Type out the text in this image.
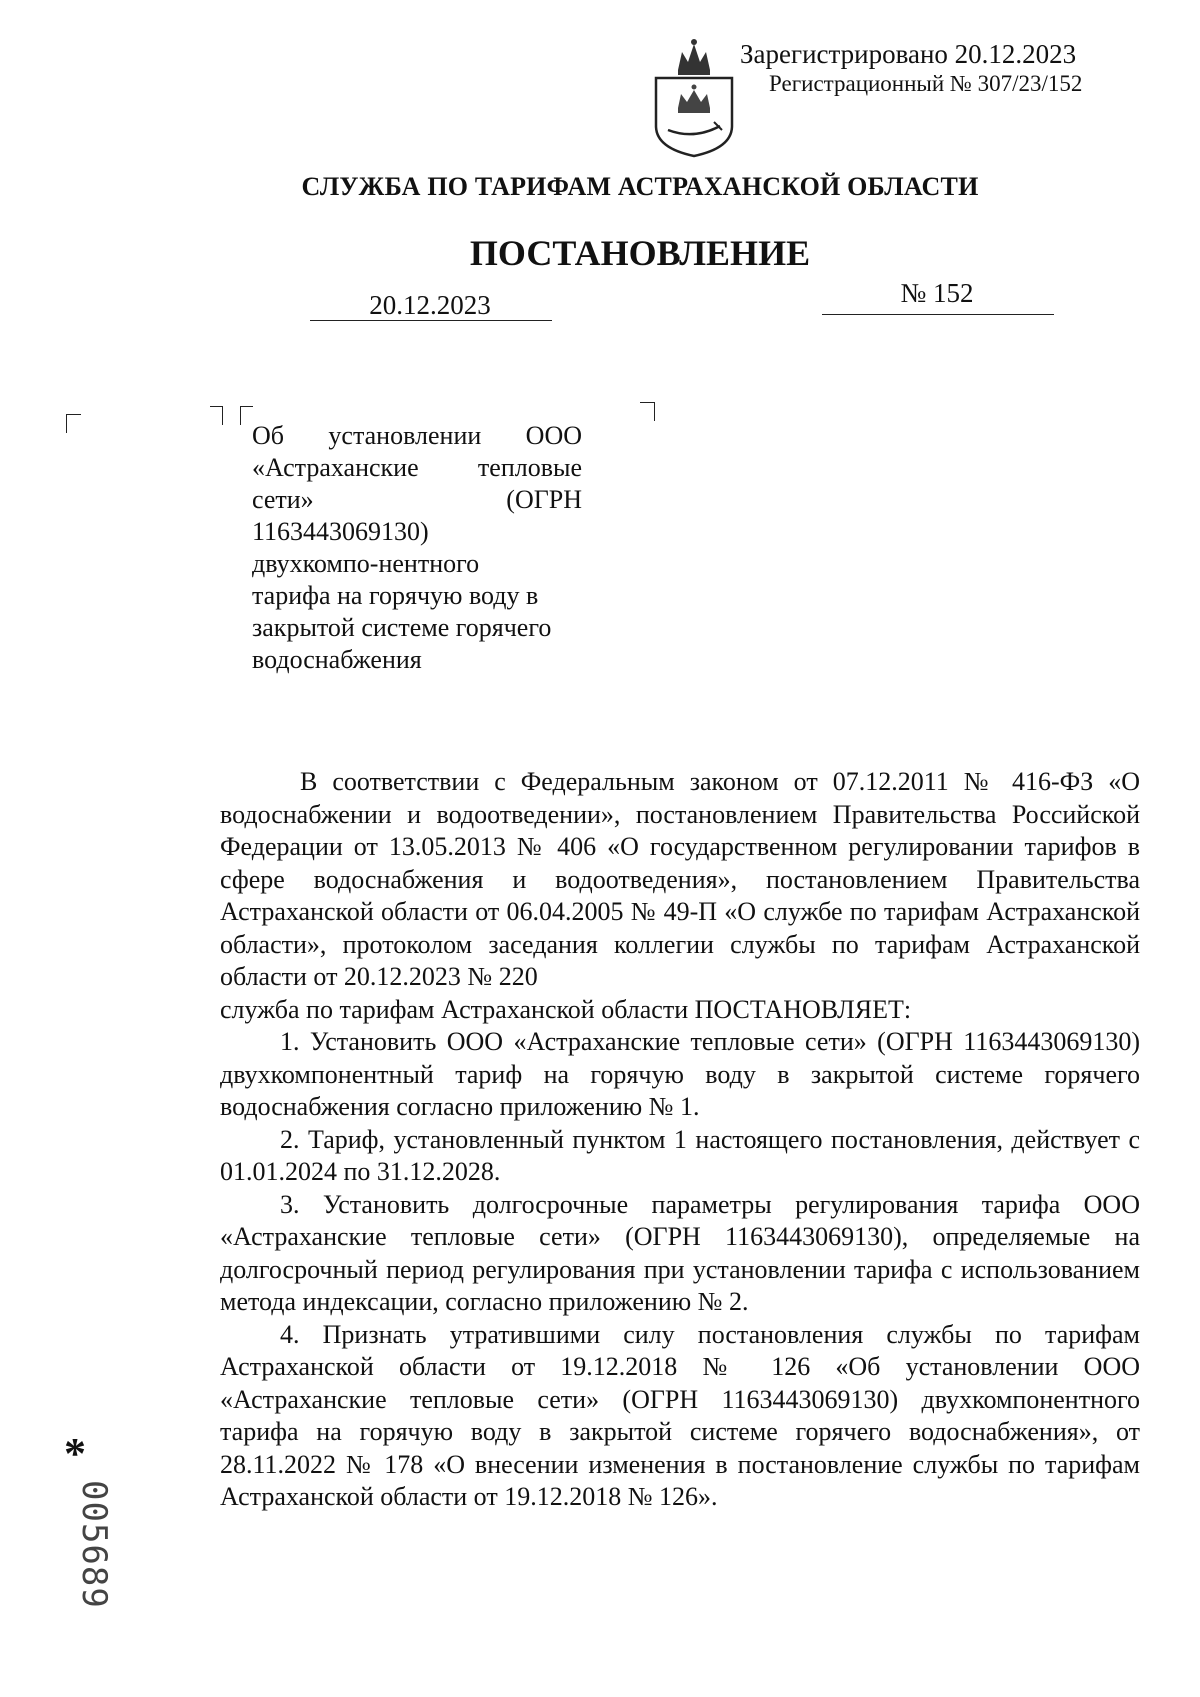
Зарегистрировано 20.12.2023
Регистрационный № 307/23/152
СЛУЖБА ПО ТАРИФАМ АСТРАХАНСКОЙ ОБЛАСТИ
ПОСТАНОВЛЕНИЕ
20.12.2023	№ 152
Об установлении ООО
«Астраханские тепловые
сети» (ОГРН
1163443069130)
двухкомпо-нентного
тарифа на горячую воду в
закрытой системе горячего
водоснабжения

В соответствии с Федеральным законом от 07.12.2011 № 416-ФЗ «О водоснабжении и водоотведении», постановлением Правительства Российской Федерации от 13.05.2013 № 406 «О государственном регулировании тарифов в сфере водоснабжения и водоотведения», постановлением Правительства Астраханской области от 06.04.2005 № 49-П «О службе по тарифам Астраханской области», протоколом заседания коллегии службы по тарифам Астраханской области от 20.12.2023 № 220

служба по тарифам Астраханской области ПОСТАНОВЛЯЕТ:

1. Установить ООО «Астраханские тепловые сети» (ОГРН 1163443069130) двухкомпонентный тариф на горячую воду в закрытой системе горячего водоснабжения согласно приложению № 1.

2. Тариф, установленный пунктом 1 настоящего постановления, действует с 01.01.2024 по 31.12.2028.

3. Установить долгосрочные параметры регулирования тарифа ООО «Астраханские тепловые сети» (ОГРН 1163443069130), определяемые на долгосрочный период регулирования при установлении тарифа с использованием метода индексации, согласно приложению № 2.

4. Признать утратившими силу постановления службы по тарифам Астраханской области от 19.12.2018 № 126 «Об установлении ООО «Астраханские тепловые сети» (ОГРН 1163443069130) двухкомпонентного тарифа на горячую воду в закрытой системе горячего водоснабжения», от 28.11.2022 № 178 «О внесении изменения в постановление службы по тарифам Астраханской области от 19.12.2018 № 126».

*
005689
